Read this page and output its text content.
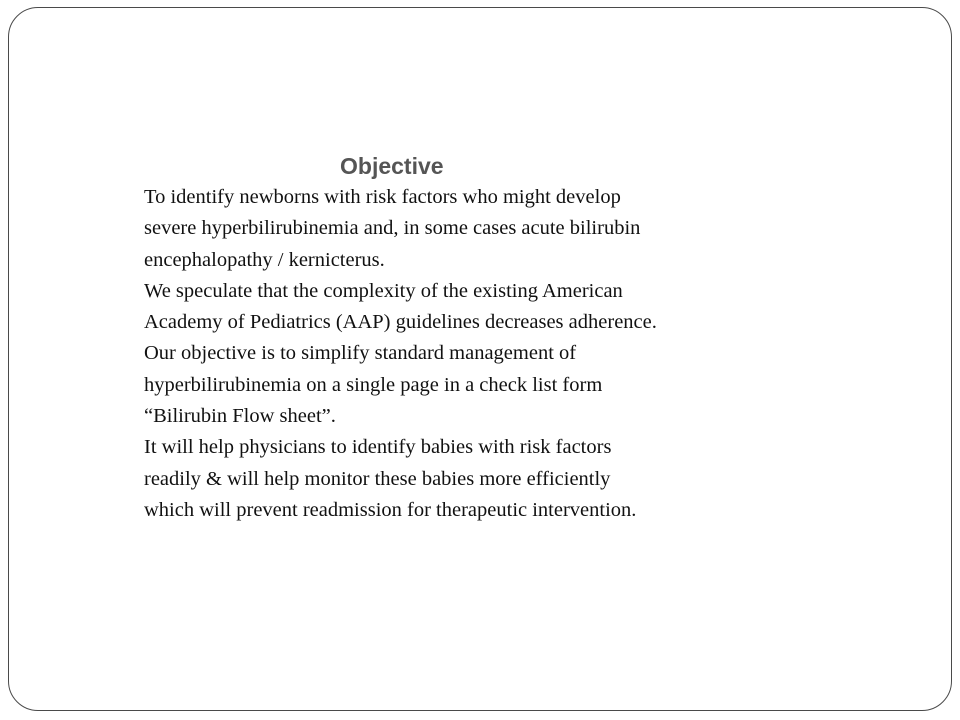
Objective
To identify newborns with risk factors who might develop
severe hyperbilirubinemia and, in some cases acute bilirubin
encephalopathy / kernicterus.
We speculate that the complexity of the existing American
Academy of Pediatrics (AAP) guidelines decreases adherence.
Our objective is to simplify standard management of
hyperbilirubinemia on a single page in a check list form
“Bilirubin Flow sheet”.
It will help physicians to identify babies with risk factors
readily & will help monitor these babies more efficiently
which will prevent readmission for therapeutic intervention.
